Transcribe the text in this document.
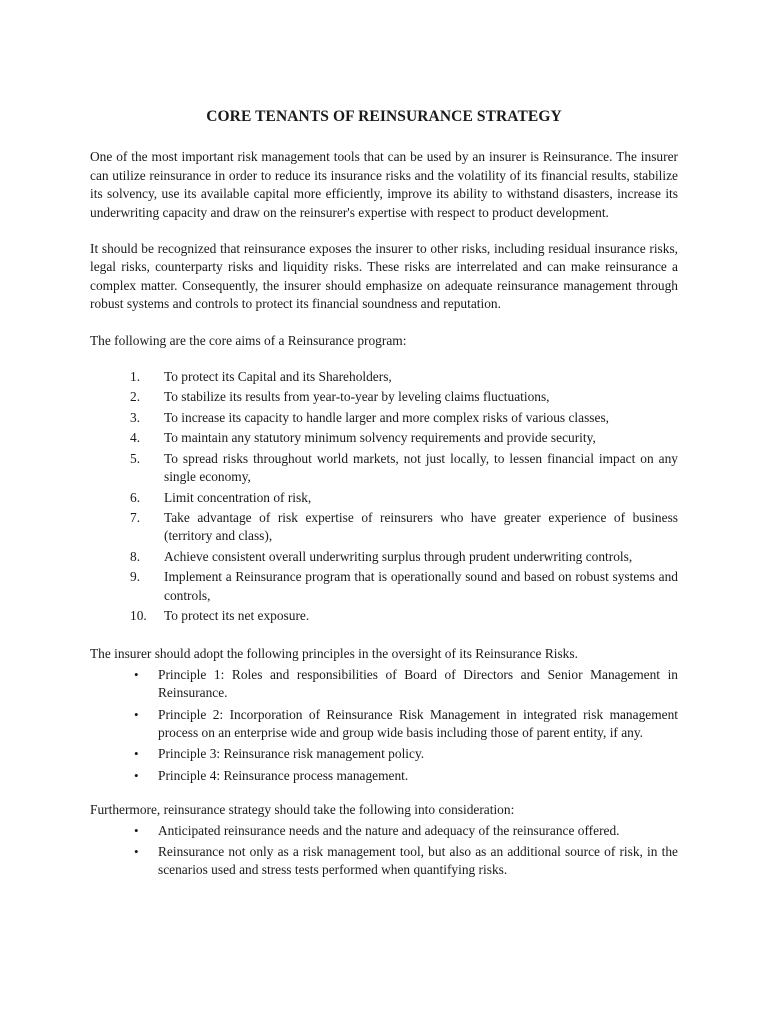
CORE TENANTS OF REINSURANCE STRATEGY

One of the most important risk management tools that can be used by an insurer is Reinsurance. The insurer can utilize reinsurance in order to reduce its insurance risks and the volatility of its financial results, stabilize its solvency, use its available capital more efficiently, improve its ability to withstand disasters, increase its underwriting capacity and draw on the reinsurer's expertise with respect to product development.

It should be recognized that reinsurance exposes the insurer to other risks, including residual insurance risks, legal risks, counterparty risks and liquidity risks. These risks are interrelated and can make reinsurance a complex matter. Consequently, the insurer should emphasize on adequate reinsurance management through robust systems and controls to protect its financial soundness and reputation.

The following are the core aims of a Reinsurance program:

1. To protect its Capital and its Shareholders,
2. To stabilize its results from year-to-year by leveling claims fluctuations,
3. To increase its capacity to handle larger and more complex risks of various classes,
4. To maintain any statutory minimum solvency requirements and provide security,
5. To spread risks throughout world markets, not just locally, to lessen financial impact on any single economy,
6. Limit concentration of risk,
7. Take advantage of risk expertise of reinsurers who have greater experience of business (territory and class),
8. Achieve consistent overall underwriting surplus through prudent underwriting controls,
9. Implement a Reinsurance program that is operationally sound and based on robust systems and controls,
10. To protect its net exposure.

The insurer should adopt the following principles in the oversight of its Reinsurance Risks.

• Principle 1: Roles and responsibilities of Board of Directors and Senior Management in Reinsurance.
• Principle 2: Incorporation of Reinsurance Risk Management in integrated risk management process on an enterprise wide and group wide basis including those of parent entity, if any.
• Principle 3: Reinsurance risk management policy.
• Principle 4: Reinsurance process management.

Furthermore, reinsurance strategy should take the following into consideration:

• Anticipated reinsurance needs and the nature and adequacy of the reinsurance offered.
• Reinsurance not only as a risk management tool, but also as an additional source of risk, in the scenarios used and stress tests performed when quantifying risks.
